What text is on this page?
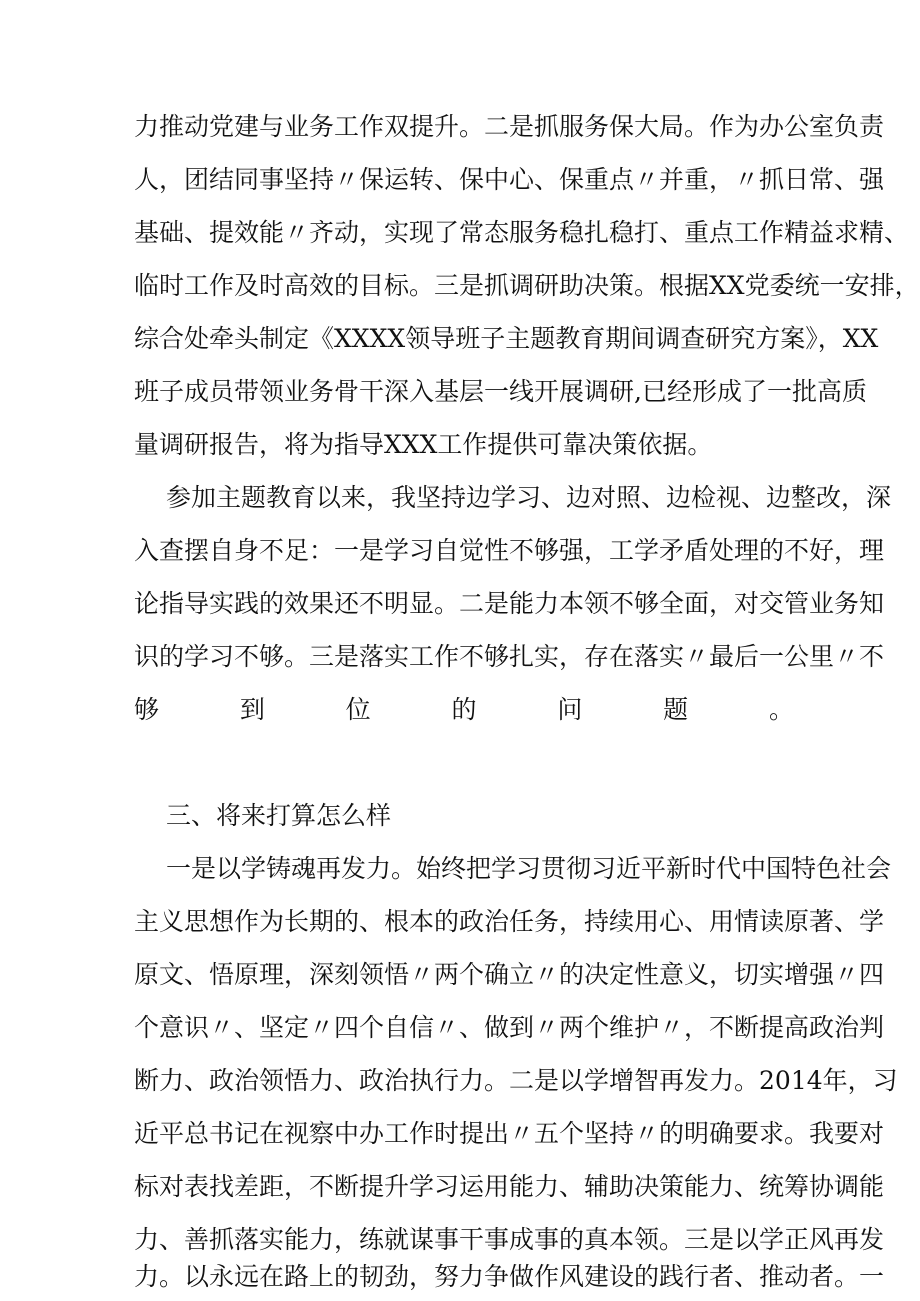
力推动党建与业务工作双提升。二是抓服务保大局。作为办公室负责
人，团结同事坚持〃保运转、保中心、保重点〃并重，〃抓日常、强
基础、提效能〃齐动，实现了常态服务稳扎稳打、重点工作精益求精、
临时工作及时高效的目标。三是抓调研助决策。根据XX党委统一安排，
综合处牵头制定《XXXX领导班子主题教育期间调查研究方案》，XX
班子成员带领业务骨干深入基层一线开展调研,已经形成了一批高质
量调研报告，将为指导XXX工作提供可靠决策依据。
参加主题教育以来，我坚持边学习、边对照、边检视、边整改，深
入查摆自身不足：一是学习自觉性不够强，工学矛盾处理的不好，理
论指导实践的效果还不明显。二是能力本领不够全面，对交管业务知
识的学习不够。三是落实工作不够扎实，存在落实〃最后一公里〃不
够到位的问题。
三、将来打算怎么样
一是以学铸魂再发力。始终把学习贯彻习近平新时代中国特色社会
主义思想作为长期的、根本的政治任务，持续用心、用情读原著、学
原文、悟原理，深刻领悟〃两个确立〃的决定性意义，切实增强〃四
个意识〃、坚定〃四个自信〃、做到〃两个维护〃，不断提高政治判
断力、政治领悟力、政治执行力。二是以学增智再发力。2014年，习
近平总书记在视察中办工作时提出〃五个坚持〃的明确要求。我要对
标对表找差距，不断提升学习运用能力、辅助决策能力、统筹协调能
力、善抓落实能力，练就谋事干事成事的真本领。三是以学正风再发
力。以永远在路上的韧劲，努力争做作风建设的践行者、推动者。一
